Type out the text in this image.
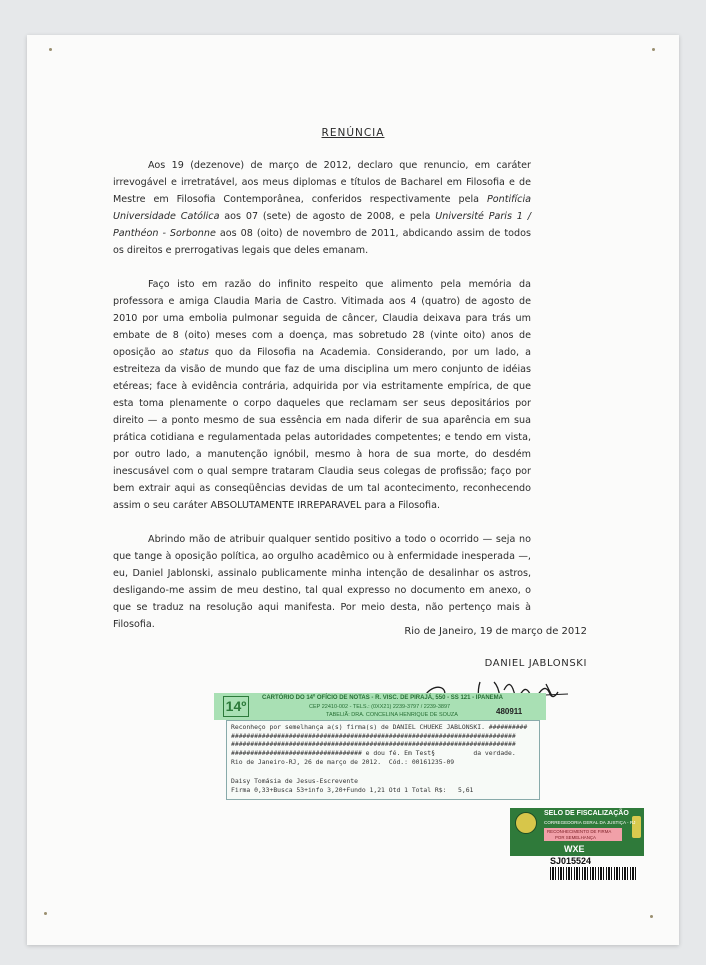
RENÚNCIA

Aos 19 (dezenove) de março de 2012, declaro que renuncio, em caráter irrevogável e irretratável, aos meus diplomas e títulos de Bacharel em Filosofia e de Mestre em Filosofia Contemporânea, conferidos respectivamente pela Pontifícia Universidade Católica aos 07 (sete) de agosto de 2008, e pela Université Paris 1 / Panthéon - Sorbonne aos 08 (oito) de novembro de 2011, abdicando assim de todos os direitos e prerrogativas legais que deles emanam.

Faço isto em razão do infinito respeito que alimento pela memória da professora e amiga Claudia Maria de Castro. Vitimada aos 4 (quatro) de agosto de 2010 por uma embolia pulmonar seguida de câncer, Claudia deixava para trás um embate de 8 (oito) meses com a doença, mas sobretudo 28 (vinte oito) anos de oposição ao status quo da Filosofia na Academia. Considerando, por um lado, a estreiteza da visão de mundo que faz de uma disciplina um mero conjunto de idéias etéreas; face à evidência contrária, adquirida por via estritamente empírica, de que esta toma plenamente o corpo daqueles que reclamam ser seus depositários por direito — a ponto mesmo de sua essência em nada diferir de sua aparência em sua prática cotidiana e regulamentada pelas autoridades competentes; e tendo em vista, por outro lado, a manutenção ignóbil, mesmo à hora de sua morte, do desdém inescusável com o qual sempre trataram Claudia seus colegas de profissão; faço por bem extrair aqui as conseqüências devidas de um tal acontecimento, reconhecendo assim o seu caráter ABSOLUTAMENTE IRREPARAVEL para a Filosofia.

Abrindo mão de atribuir qualquer sentido positivo a todo o ocorrido — seja no que tange à oposição política, ao orgulho acadêmico ou à enfermidade inesperada —, eu, Daniel Jablonski, assinalo publicamente minha intenção de desalinhar os astros, desligando-me assim de meu destino, tal qual expresso no documento em anexo, o que se traduz na resolução aqui manifesta. Por meio desta, não pertenço mais à Filosofia.

Rio de Janeiro, 19 de março de 2012
DANIEL JABLONSKI
14º	CARTÓRIO DO 14º OFÍCIO DE NOTAS - R. VISC. DE PIRAJÁ, 550 - SS 121 - IPANEMA
CEP 22410-002 - TELS.: (0XX21) 2239-3797 / 2239-3897
TABELIÃ: DRA. CONCELINA HENRIQUE DE SOUZA	480911
Reconheço por semelhança a(s) firma(s) de DANIEL CHUEKE JABLONSKI. ##########
##########################################################################
##########################################################################
################################## e dou fé. Em Test§          da verdade.
Rio de Janeiro-RJ, 26 de março de 2012.  Cód.: 00161235-09
Daisy Tomásia de Jesus-Escrevente
Firma 0,33+Busca 53+info 3,20+Fundo 1,21 Otd 1 Total R$:   5,61
SELO DE FISCALIZAÇÃO
CORREGEDORIA GERAL DA JUSTIÇA - RJ
RECONHECIMENTO DE FIRMA
POR SEMELHANÇA
WXE
SJ015524
